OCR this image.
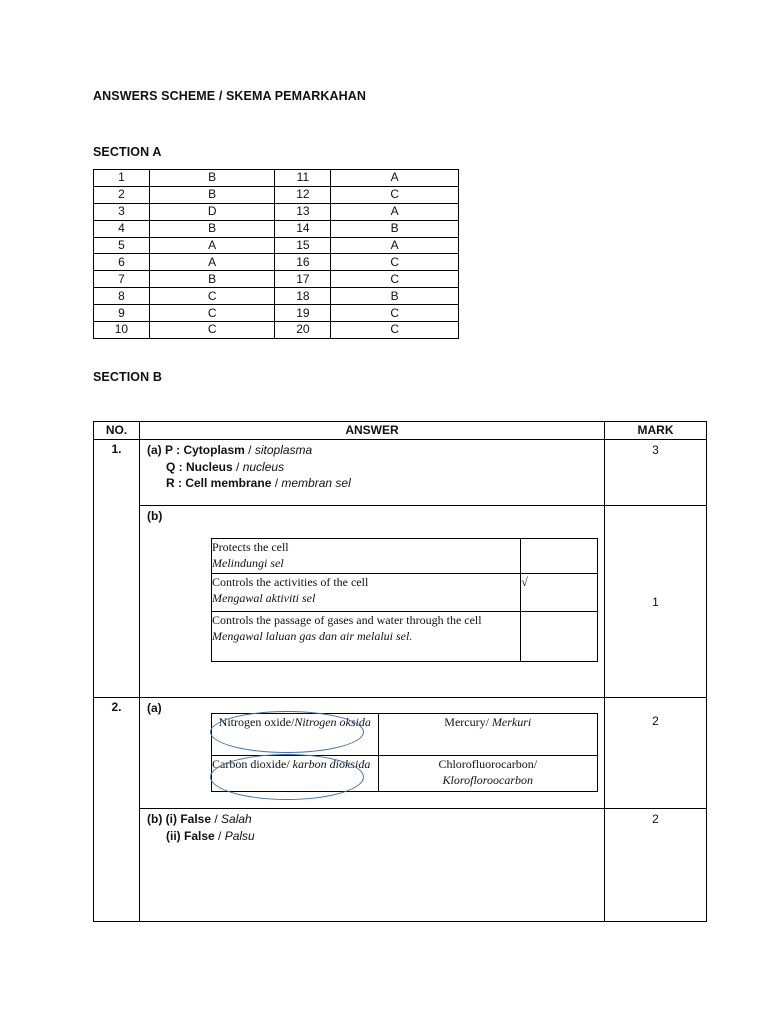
ANSWERS SCHEME / SKEMA PEMARKAHAN
SECTION A
1	B	11	A
2	B	12	C
3	D	13	A
4	B	14	B
5	A	15	A
6	A	16	C
7	B	17	C
8	C	18	B
9	C	19	C
10	C	20	C
SECTION B
NO.	ANSWER	MARK
1.	(a) P : Cytoplasm / sitoplasma
Q : Nucleus / nucleus
R : Cell membrane / membran sel
	3

(b)
Protects the cell
Melindungi sel

Controls the activities of the cell
Mengawal aktiviti sel
	√

Controls the passage of gases and water through the cell
Mengawal laluan gas dan air melalui sel.

	1
2.	(a)
Nitrogen oxide/Nitrogen oksida	Mercury/ Merkuri
Carbon dioxide/ karbon dioksida	Chlorofluorocarbon/
Klorofloroocarbon
	2

(b) (i) False / Salah
(ii) False / Palsu
	2
